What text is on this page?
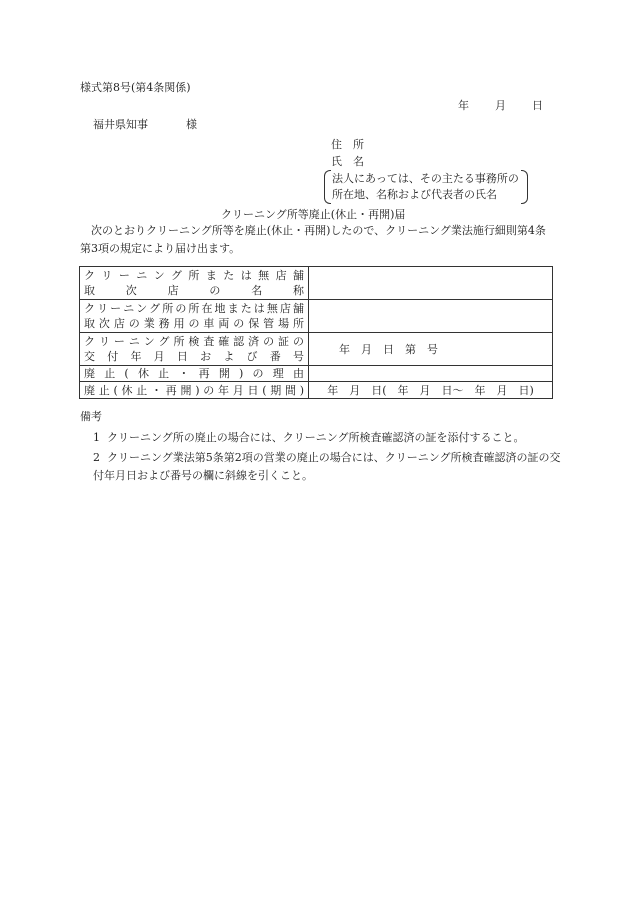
様式第8号(第4条関係)
年 月 日
福井県知事	様
住　所
氏　名
法人にあっては、その主たる事務所の
所在地、名称および代表者の氏名
クリーニング所等廃止(休止・再開)届
次のとおりクリーニング所等を廃止(休止・再開)したので、クリーニング業法施行細則第4条第3項の規定により届け出ます。
クリーニング所または無店舗
取次店の名称	

クリーニング所の所在地または無店舗
取次店の業務用の車両の保管場所	

クリーニング所検査確認済の証の
交付年月日および番号	年　月　日　第　号
廃止(休止・再開)の理由	
廃止(休止・再開)の年月日(期間)	年　月　日(　年　月　日〜　年　月　日)
備考
1 クリーニング所の廃止の場合には、クリーニング所検査確認済の証を添付すること。
2 クリーニング業法第5条第2項の営業の廃止の場合には、クリーニング所検査確認済の証の交付年月日および番号の欄に斜線を引くこと。
